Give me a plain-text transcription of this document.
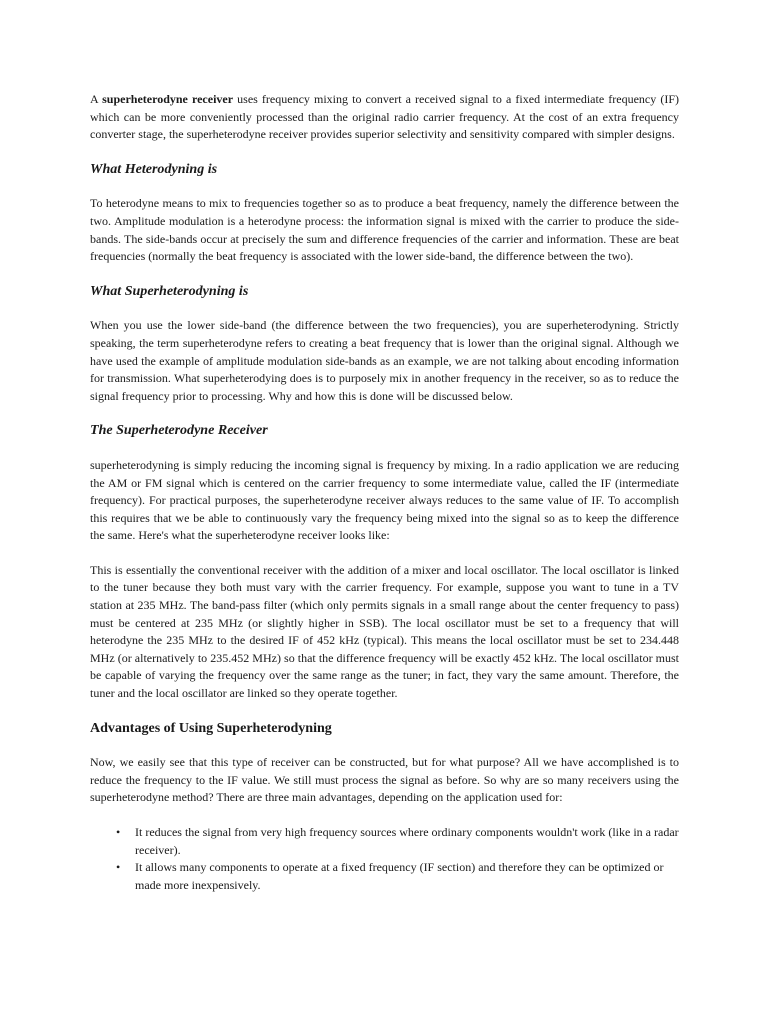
A superheterodyne receiver uses frequency mixing to convert a received signal to a fixed intermediate frequency (IF) which can be more conveniently processed than the original radio carrier frequency. At the cost of an extra frequency converter stage, the superheterodyne receiver provides superior selectivity and sensitivity compared with simpler designs.

What Heterodyning is

To heterodyne means to mix to frequencies together so as to produce a beat frequency, namely the difference between the two. Amplitude modulation is a heterodyne process: the information signal is mixed with the carrier to produce the side-bands. The side-bands occur at precisely the sum and difference frequencies of the carrier and information. These are beat frequencies (normally the beat frequency is associated with the lower side-band, the difference between the two).

What Superheterodyning is

When you use the lower side-band (the difference between the two frequencies), you are superheterodyning. Strictly speaking, the term superheterodyne refers to creating a beat frequency that is lower than the original signal. Although we have used the example of amplitude modulation side-bands as an example, we are not talking about encoding information for transmission. What superheterodying does is to purposely mix in another frequency in the receiver, so as to reduce the signal frequency prior to processing. Why and how this is done will be discussed below.

The Superheterodyne Receiver

superheterodyning is simply reducing the incoming signal is frequency by mixing. In a radio application we are reducing the AM or FM signal which is centered on the carrier frequency to some intermediate value, called the IF (intermediate frequency). For practical purposes, the superheterodyne receiver always reduces to the same value of IF. To accomplish this requires that we be able to continuously vary the frequency being mixed into the signal so as to keep the difference the same. Here's what the superheterodyne receiver looks like:

This is essentially the conventional receiver with the addition of a mixer and local oscillator. The local oscillator is linked to the tuner because they both must vary with the carrier frequency. For example, suppose you want to tune in a TV station at 235 MHz. The band-pass filter (which only permits signals in a small range about the center frequency to pass) must be centered at 235 MHz (or slightly higher in SSB). The local oscillator must be set to a frequency that will heterodyne the 235 MHz to the desired IF of 452 kHz (typical). This means the local oscillator must be set to 234.448 MHz (or alternatively to 235.452 MHz) so that the difference frequency will be exactly 452 kHz. The local oscillator must be capable of varying the frequency over the same range as the tuner; in fact, they vary the same amount. Therefore, the tuner and the local oscillator are linked so they operate together.

Advantages of Using Superheterodyning

Now, we easily see that this type of receiver can be constructed, but for what purpose? All we have accomplished is to reduce the frequency to the IF value. We still must process the signal as before. So why are so many receivers using the superheterodyne method? There are three main advantages, depending on the application used for:

• It reduces the signal from very high frequency sources where ordinary components wouldn't work (like in a radar receiver).
• It allows many components to operate at a fixed frequency (IF section) and therefore they can be optimized or made more inexpensively.
